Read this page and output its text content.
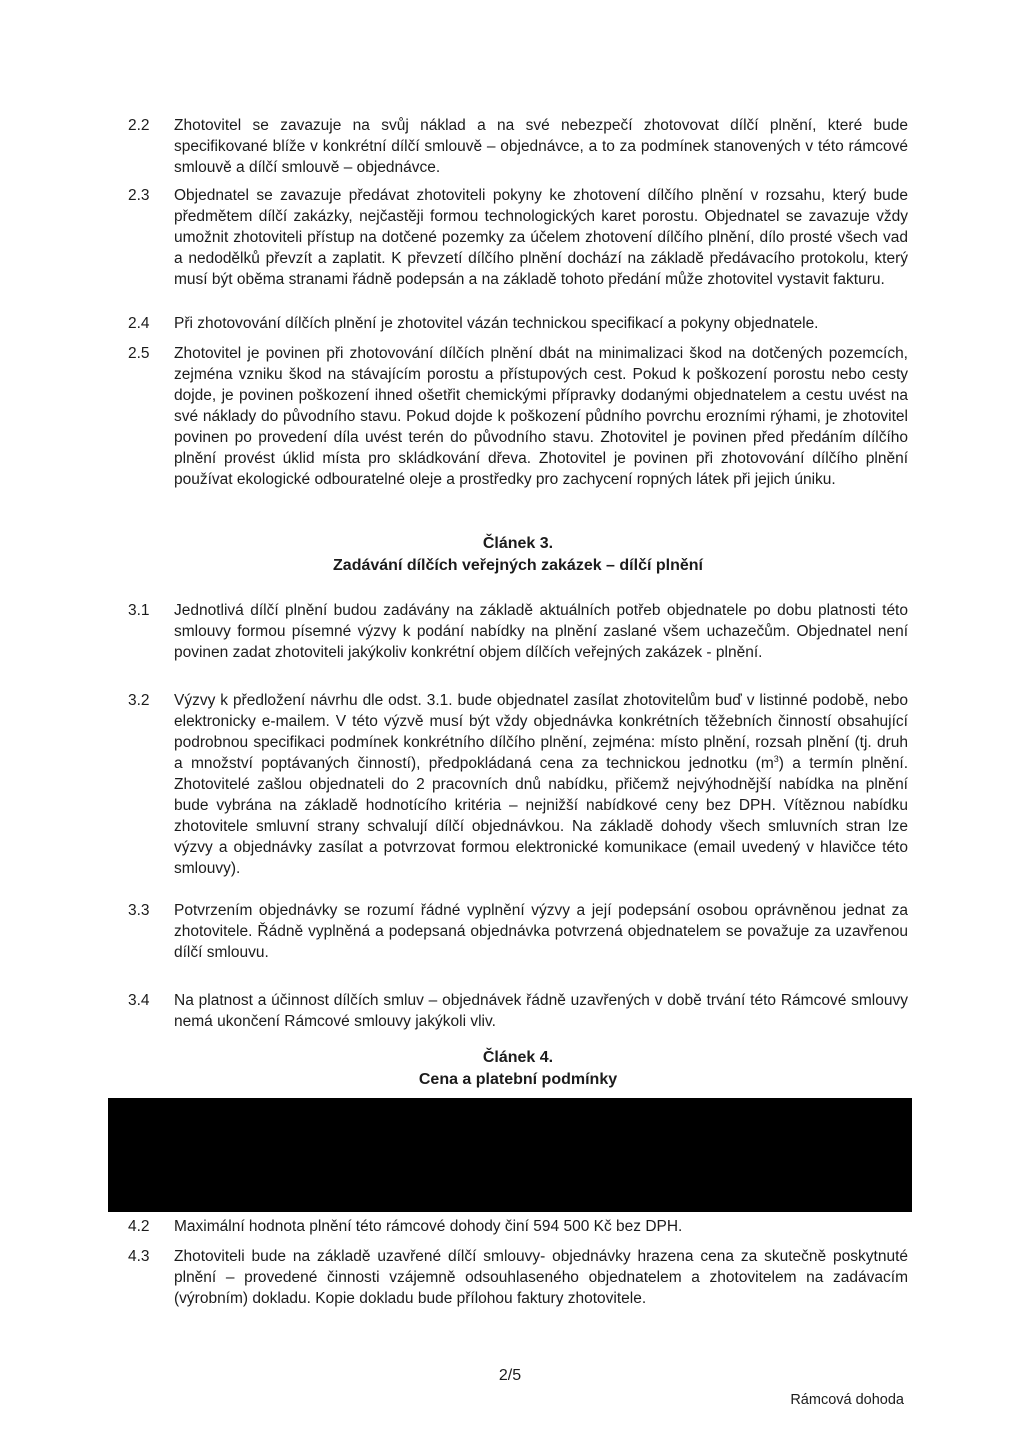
2.2	Zhotovitel se zavazuje na svůj náklad a na své nebezpečí zhotovovat dílčí plnění, které bude specifikované blíže v konkrétní dílčí smlouvě – objednávce, a to za podmínek stanovených v této rámcové smlouvě a dílčí smlouvě – objednávce.
2.3	Objednatel se zavazuje předávat zhotoviteli pokyny ke zhotovení dílčího plnění v rozsahu, který bude předmětem dílčí zakázky, nejčastěji formou technologických karet porostu. Objednatel se zavazuje vždy umožnit zhotoviteli přístup na dotčené pozemky za účelem zhotovení dílčího plnění, dílo prosté všech vad a nedodělků převzít a zaplatit. K převzetí dílčího plnění dochází na základě předávacího protokolu, který musí být oběma stranami řádně podepsán a na základě tohoto předání může zhotovitel vystavit fakturu.
2.4	Při zhotovování dílčích plnění je zhotovitel vázán technickou specifikací a pokyny objednatele.
2.5	Zhotovitel je povinen při zhotovování dílčích plnění dbát na minimalizaci škod na dotčených pozemcích, zejména vzniku škod na stávajícím porostu a přístupových cest. Pokud k poškození porostu nebo cesty dojde, je povinen poškození ihned ošetřit chemickými přípravky dodanými objednatelem a cestu uvést na své náklady do původního stavu. Pokud dojde k poškození půdního povrchu erozními rýhami, je zhotovitel povinen po provedení díla uvést terén do původního stavu. Zhotovitel je povinen před předáním dílčího plnění provést úklid místa pro skládkování dřeva. Zhotovitel je povinen při zhotovování dílčího plnění používat ekologické odbouratelné oleje a prostředky pro zachycení ropných látek při jejich úniku.
Článek 3.
Zadávání dílčích veřejných zakázek – dílčí plnění
3.1	Jednotlivá dílčí plnění budou zadávány na základě aktuálních potřeb objednatele po dobu platnosti této smlouvy formou písemné výzvy k podání nabídky na plnění zaslané všem uchazečům. Objednatel není povinen zadat zhotoviteli jakýkoliv konkrétní objem dílčích veřejných zakázek - plnění.
3.2	Výzvy k předložení návrhu dle odst. 3.1. bude objednatel zasílat zhotovitelům buď v listinné podobě, nebo elektronicky e-mailem. V této výzvě musí být vždy objednávka konkrétních těžebních činností obsahující podrobnou specifikaci podmínek konkrétního dílčího plnění, zejména: místo plnění, rozsah plnění (tj. druh a množství poptávaných činností), předpokládaná cena za technickou jednotku $(m^3)$ a termín plnění. Zhotovitelé zašlou objednateli do 2 pracovních dnů nabídku, přičemž nejvýhodnější nabídka na plnění bude vybrána na základě hodnotícího kritéria – nejnižší nabídkové ceny bez DPH. Vítěznou nabídku zhotovitele smluvní strany schvalují dílčí objednávkou. Na základě dohody všech smluvních stran lze výzvy a objednávky zasílat a potvrzovat formou elektronické komunikace (email uvedený v hlavičce této smlouvy).
3.3	Potvrzením objednávky se rozumí řádné vyplnění výzvy a její podepsání osobou oprávněnou jednat za zhotovitele. Řádně vyplněná a podepsaná objednávka potvrzená objednatelem se považuje za uzavřenou dílčí smlouvu.
3.4	Na platnost a účinnost dílčích smluv – objednávek řádně uzavřených v době trvání této Rámcové smlouvy nemá ukončení Rámcové smlouvy jakýkoli vliv.
Článek 4.
Cena a platební podmínky
4.2	Maximální hodnota plnění této rámcové dohody činí 594 500 Kč bez DPH.
4.3	Zhotoviteli bude na základě uzavřené dílčí smlouvy- objednávky hrazena cena za skutečně poskytnuté plnění – provedené činnosti vzájemně odsouhlaseného objednatelem a zhotovitelem na zadávacím (výrobním) dokladu. Kopie dokladu bude přílohou faktury zhotovitele.
2/5
Rámcová dohoda
